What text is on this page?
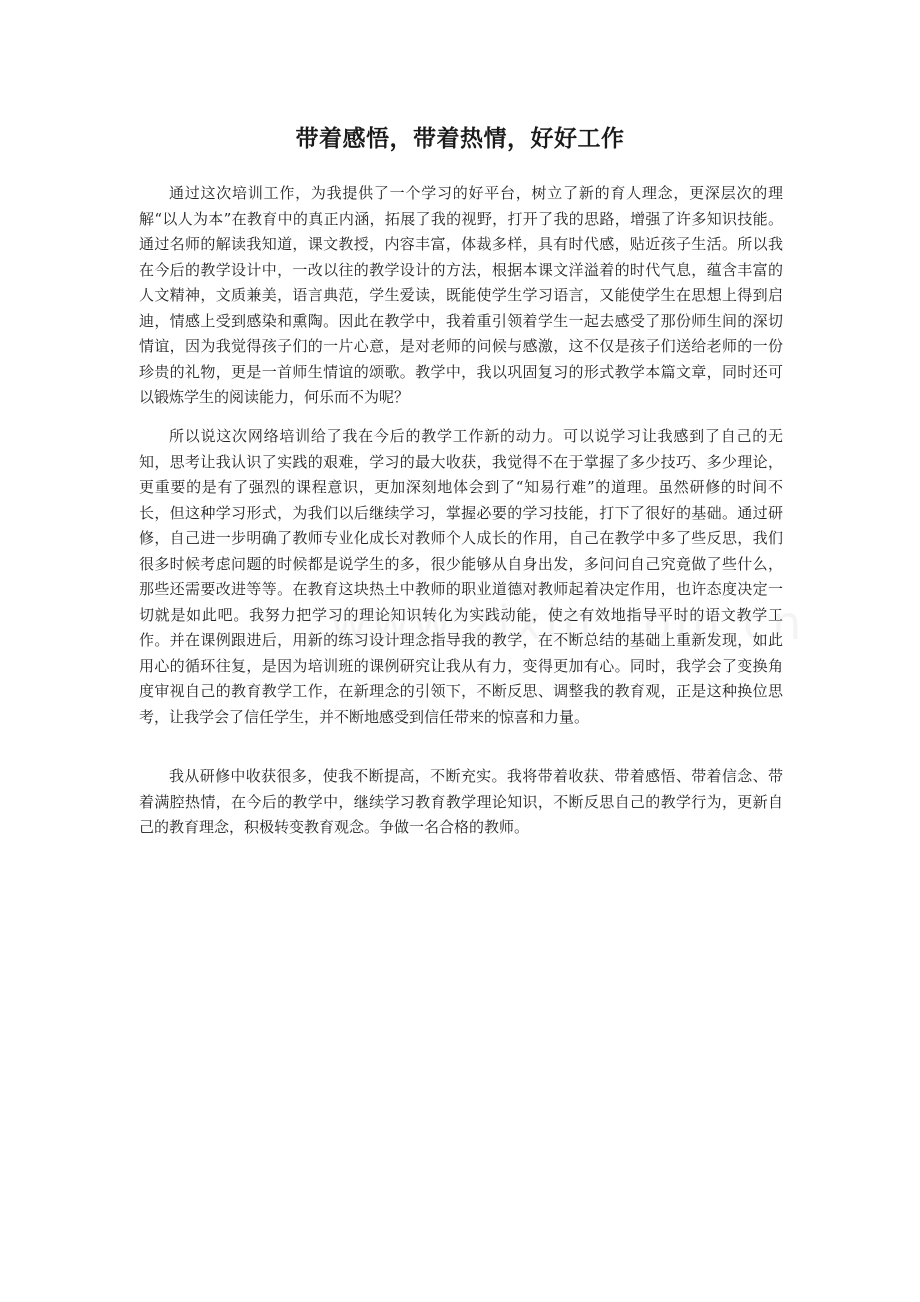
带着感悟，带着热情，好好工作

通过这次培训工作，为我提供了一个学习的好平台，树立了新的育人理念，更深层次的理解“以人为本”在教育中的真正内涵，拓展了我的视野，打开了我的思路，增强了许多知识技能。通过名师的解读我知道，课文教授，内容丰富，体裁多样，具有时代感，贴近孩子生活。所以我在今后的教学设计中，一改以往的教学设计的方法，根据本课文洋溢着的时代气息，蕴含丰富的人文精神，文质兼美，语言典范，学生爱读，既能使学生学习语言，又能使学生在思想上得到启迪，情感上受到感染和熏陶。因此在教学中，我着重引领着学生一起去感受了那份师生间的深切情谊，因为我觉得孩子们的一片心意，是对老师的问候与感激，这不仅是孩子们送给老师的一份珍贵的礼物，更是一首师生情谊的颂歌。教学中，我以巩固复习的形式教学本篇文章，同时还可以锻炼学生的阅读能力，何乐而不为呢？

所以说这次网络培训给了我在今后的教学工作新的动力。可以说学习让我感到了自己的无知，思考让我认识了实践的艰难，学习的最大收获，我觉得不在于掌握了多少技巧、多少理论，更重要的是有了强烈的课程意识，更加深刻地体会到了“知易行难”的道理。虽然研修的时间不长，但这种学习形式，为我们以后继续学习，掌握必要的学习技能，打下了很好的基础。通过研修，自己进一步明确了教师专业化成长对教师个人成长的作用，自己在教学中多了些反思，我们很多时候考虑问题的时候都是说学生的多，很少能够从自身出发，多问问自己究竟做了些什么，那些还需要改进等等。在教育这块热土中教师的职业道德对教师起着决定作用，也许态度决定一切就是如此吧。我努力把学习的理论知识转化为实践动能，使之有效地指导平时的语文教学工作。并在课例跟进后，用新的练习设计理念指导我的教学，在不断总结的基础上重新发现，如此用心的循环往复，是因为培训班的课例研究让我从有力，变得更加有心。同时，我学会了变换角度审视自己的教育教学工作，在新理念的引领下，不断反思、调整我的教育观，正是这种换位思考，让我学会了信任学生，并不断地感受到信任带来的惊喜和力量。

我从研修中收获很多，使我不断提高，不断充实。我将带着收获、带着感悟、带着信念、带着满腔热情，在今后的教学中，继续学习教育教学理论知识，不断反思自己的教学行为，更新自己的教育理念，积极转变教育观念。争做一名合格的教师。
